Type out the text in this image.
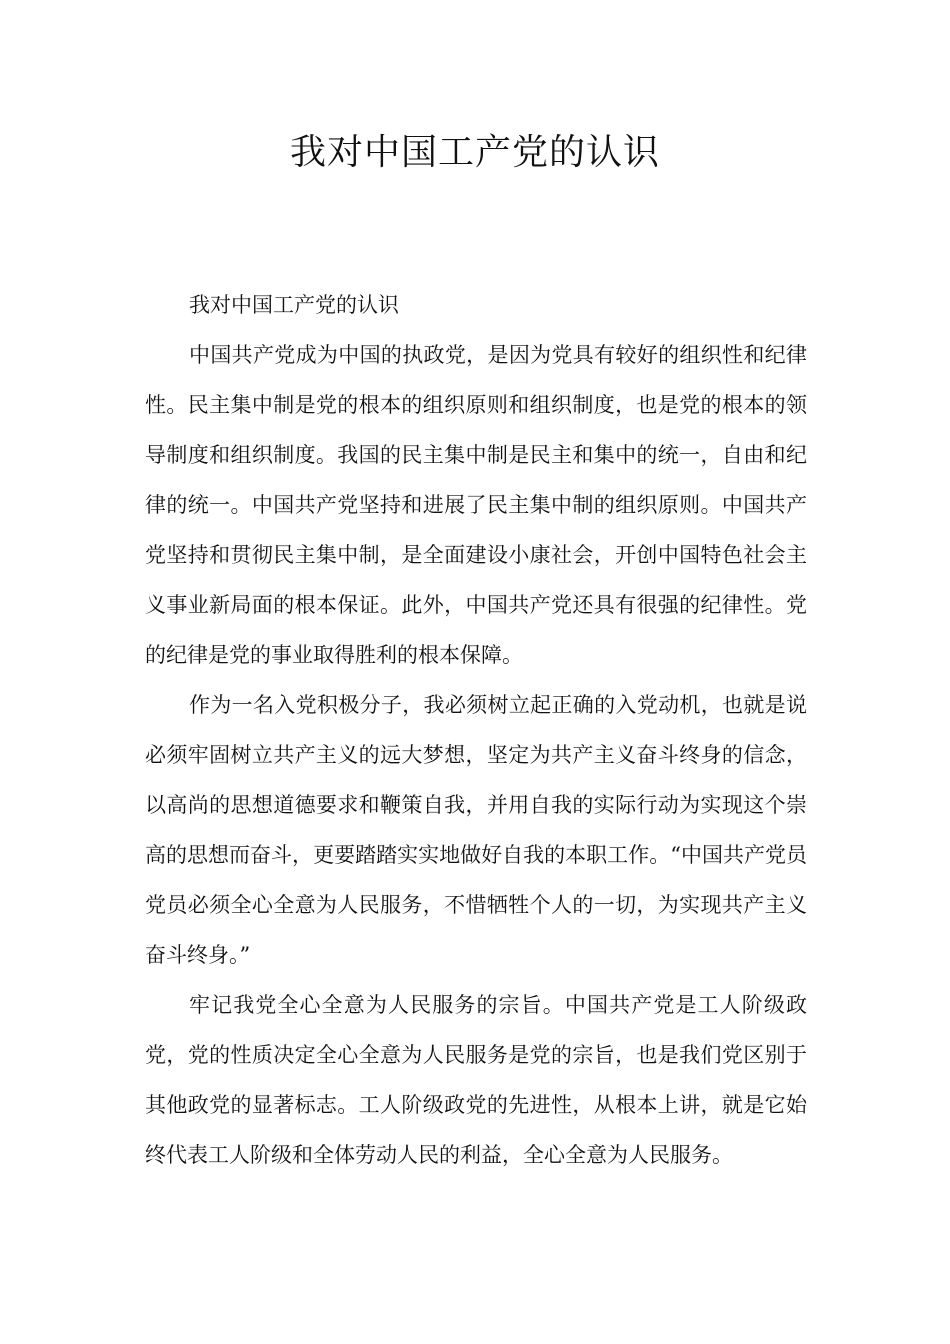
我对中国工产党的认识

我对中国工产党的认识

中国共产党成为中国的执政党，是因为党具有较好的组织性和纪律性。民主集中制是党的根本的组织原则和组织制度，也是党的根本的领导制度和组织制度。我国的民主集中制是民主和集中的统一，自由和纪律的统一。中国共产党坚持和进展了民主集中制的组织原则。中国共产党坚持和贯彻民主集中制，是全面建设小康社会，开创中国特色社会主义事业新局面的根本保证。此外，中国共产党还具有很强的纪律性。党的纪律是党的事业取得胜利的根本保障。

作为一名入党积极分子，我必须树立起正确的入党动机，也就是说必须牢固树立共产主义的远大梦想，坚定为共产主义奋斗终身的信念，以高尚的思想道德要求和鞭策自我，并用自我的实际行动为实现这个崇高的思想而奋斗，更要踏踏实实地做好自我的本职工作。“中国共产党员党员必须全心全意为人民服务，不惜牺牲个人的一切，为实现共产主义奋斗终身。”

牢记我党全心全意为人民服务的宗旨。中国共产党是工人阶级政党，党的性质决定全心全意为人民服务是党的宗旨，也是我们党区别于其他政党的显著标志。工人阶级政党的先进性，从根本上讲，就是它始终代表工人阶级和全体劳动人民的利益，全心全意为人民服务。
